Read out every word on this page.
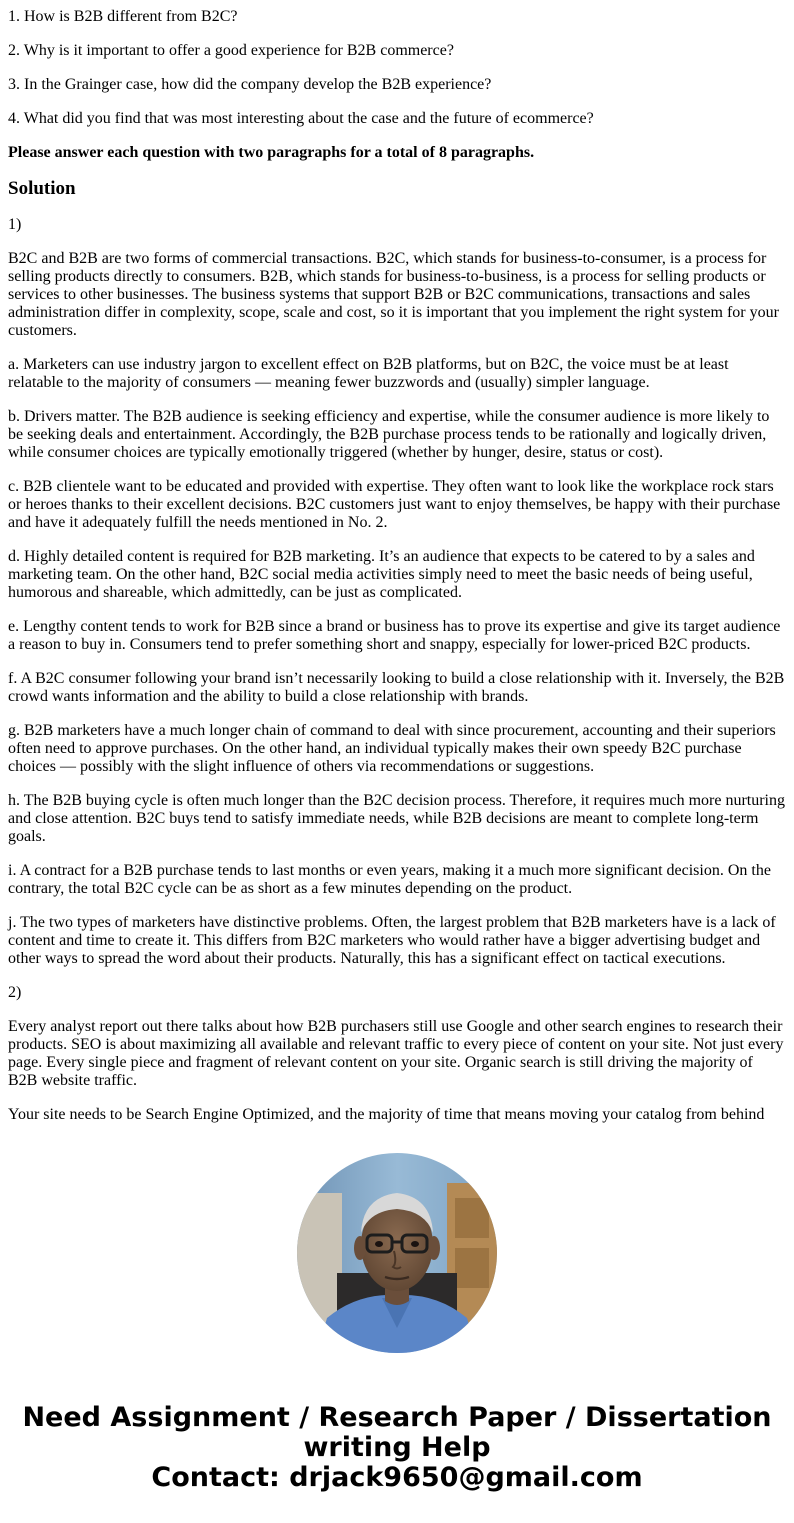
1. How is B2B different from B2C?

2. Why is it important to offer a good experience for B2B commerce?

3. In the Grainger case, how did the company develop the B2B experience?

4. What did you find that was most interesting about the case and the future of ecommerce?

Please answer each question with two paragraphs for a total of 8 paragraphs.

Solution

1)

B2C and B2B are two forms of commercial transactions. B2C, which stands for business-to-consumer, is a process for selling products directly to consumers. B2B, which stands for business-to-business, is a process for selling products or services to other businesses. The business systems that support B2B or B2C communications, transactions and sales administration differ in complexity, scope, scale and cost, so it is important that you implement the right system for your customers.

a. Marketers can use industry jargon to excellent effect on B2B platforms, but on B2C, the voice must be at least relatable to the majority of consumers — meaning fewer buzzwords and (usually) simpler language.

b. Drivers matter. The B2B audience is seeking efficiency and expertise, while the consumer audience is more likely to be seeking deals and entertainment. Accordingly, the B2B purchase process tends to be rationally and logically driven, while consumer choices are typically emotionally triggered (whether by hunger, desire, status or cost).

c. B2B clientele want to be educated and provided with expertise. They often want to look like the workplace rock stars or heroes thanks to their excellent decisions. B2C customers just want to enjoy themselves, be happy with their purchase and have it adequately fulfill the needs mentioned in No. 2.

d. Highly detailed content is required for B2B marketing. It’s an audience that expects to be catered to by a sales and marketing team. On the other hand, B2C social media activities simply need to meet the basic needs of being useful, humorous and shareable, which admittedly, can be just as complicated.

e. Lengthy content tends to work for B2B since a brand or business has to prove its expertise and give its target audience a reason to buy in. Consumers tend to prefer something short and snappy, especially for lower-priced B2C products.

f. A B2C consumer following your brand isn’t necessarily looking to build a close relationship with it. Inversely, the B2B crowd wants information and the ability to build a close relationship with brands.

g. B2B marketers have a much longer chain of command to deal with since procurement, accounting and their superiors often need to approve purchases. On the other hand, an individual typically makes their own speedy B2C purchase choices — possibly with the slight influence of others via recommendations or suggestions.

h. The B2B buying cycle is often much longer than the B2C decision process. Therefore, it requires much more nurturing and close attention. B2C buys tend to satisfy immediate needs, while B2B decisions are meant to complete long-term goals.

i. A contract for a B2B purchase tends to last months or even years, making it a much more significant decision. On the contrary, the total B2C cycle can be as short as a few minutes depending on the product.

j. The two types of marketers have distinctive problems. Often, the largest problem that B2B marketers have is a lack of content and time to create it. This differs from B2C marketers who would rather have a bigger advertising budget and other ways to spread the word about their products. Naturally, this has a significant effect on tactical executions.

2)

Every analyst report out there talks about how B2B purchasers still use Google and other search engines to research their products. SEO is about maximizing all available and relevant traffic to every piece of content on your site. Not just every page. Every single piece and fragment of relevant content on your site. Organic search is still driving the majority of B2B website traffic.

Your site needs to be Search Engine Optimized, and the majority of time that means moving your catalog from behind

Need Assignment / Research Paper / Dissertation
writing Help
Contact: drjack9650@gmail.com
